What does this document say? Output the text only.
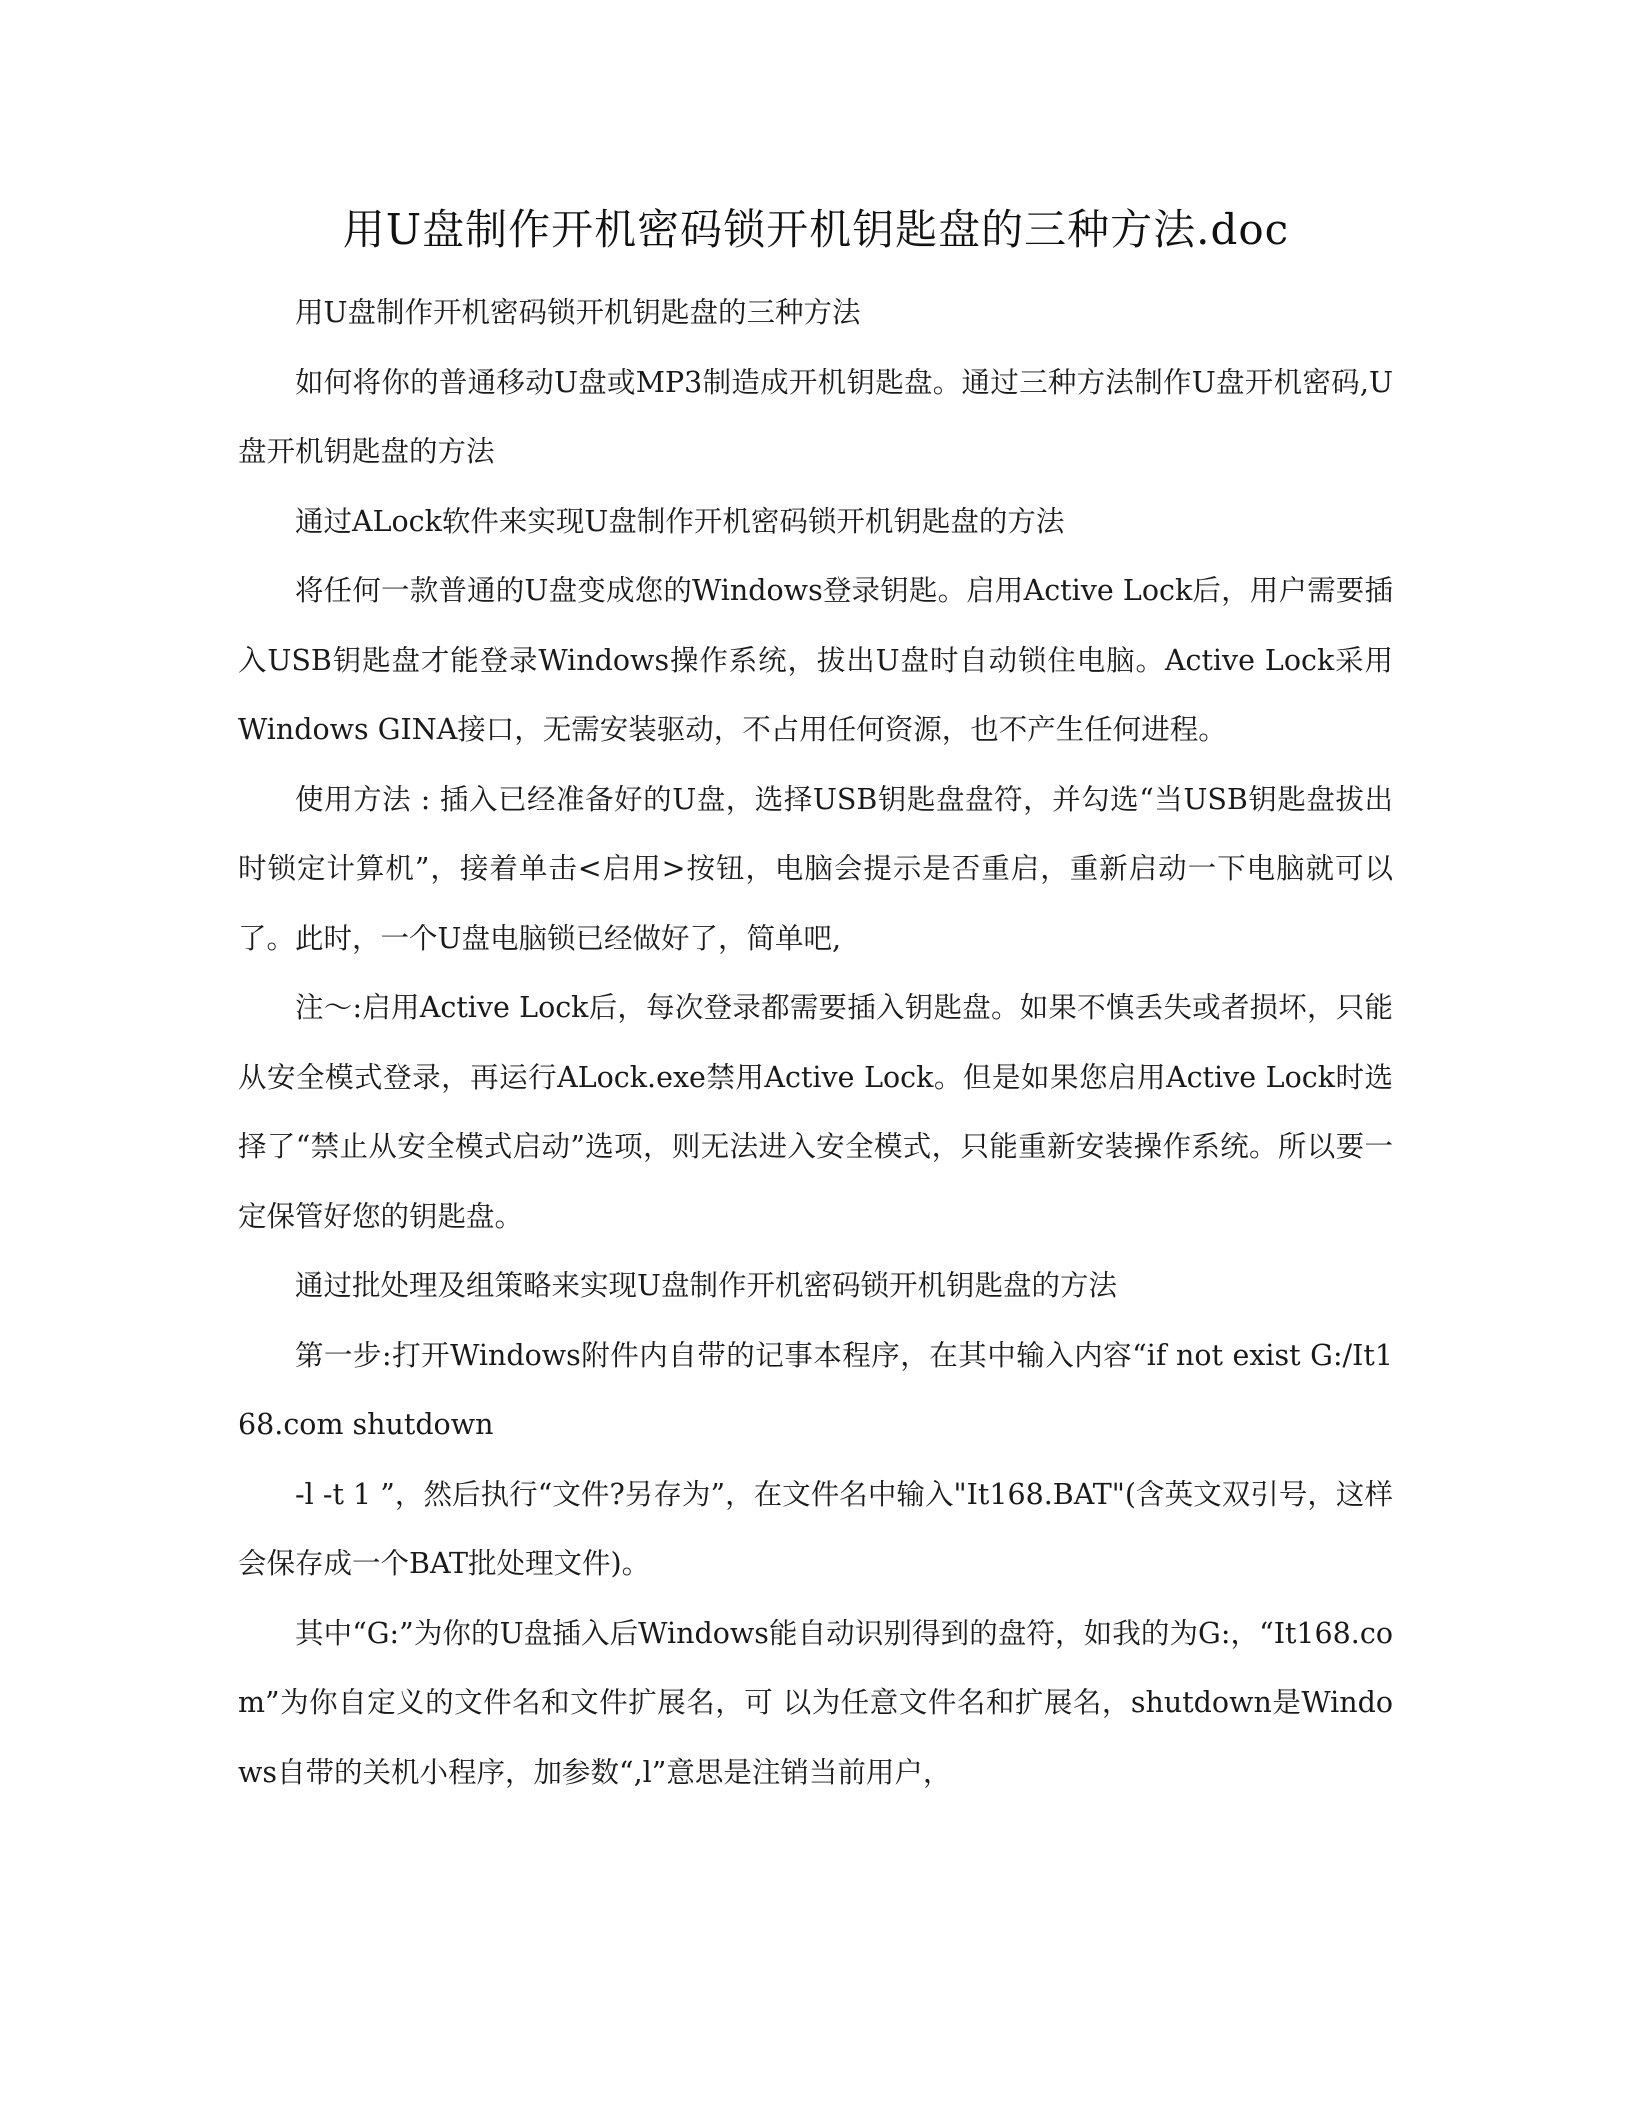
用U盘制作开机密码锁开机钥匙盘的三种方法.doc

用U盘制作开机密码锁开机钥匙盘的三种方法

如何将你的普通移动U盘或MP3制造成开机钥匙盘。通过三种方法制作U盘开机密码,U盘开机钥匙盘的方法

通过ALock软件来实现U盘制作开机密码锁开机钥匙盘的方法

将任何一款普通的U盘变成您的Windows登录钥匙。启用Active Lock后，用户需要插入USB钥匙盘才能登录Windows操作系统，拔出U盘时自动锁住电脑。Active Lock采用Windows GINA接口，无需安装驱动，不占用任何资源，也不产生任何进程。

使用方法 : 插入已经准备好的U盘，选择USB钥匙盘盘符，并勾选“当USB钥匙盘拔出时锁定计算机”，接着单击<启用>按钮，电脑会提示是否重启，重新启动一下电脑就可以了。此时，一个U盘电脑锁已经做好了，简单吧,

注～:启用Active Lock后，每次登录都需要插入钥匙盘。如果不慎丢失或者损坏，只能从安全模式登录，再运行ALock.exe禁用Active Lock。但是如果您启用Active Lock时选择了“禁止从安全模式启动”选项，则无法进入安全模式，只能重新安装操作系统。所以要一定保管好您的钥匙盘。

通过批处理及组策略来实现U盘制作开机密码锁开机钥匙盘的方法

第一步:打开Windows附件内自带的记事本程序，在其中输入内容“if not exist G:/It168.com shutdown

-l -t 1 ”，然后执行“文件?另存为”，在文件名中输入"It168.BAT"(含英文双引号，这样会保存成一个BAT批处理文件)。

其中“G:”为你的U盘插入后Windows能自动识别得到的盘符，如我的为G:，“It168.com”为你自定义的文件名和文件扩展名，可 以为任意文件名和扩展名，shutdown是Windows自带的关机小程序，加参数“,l”意思是注销当前用户，
